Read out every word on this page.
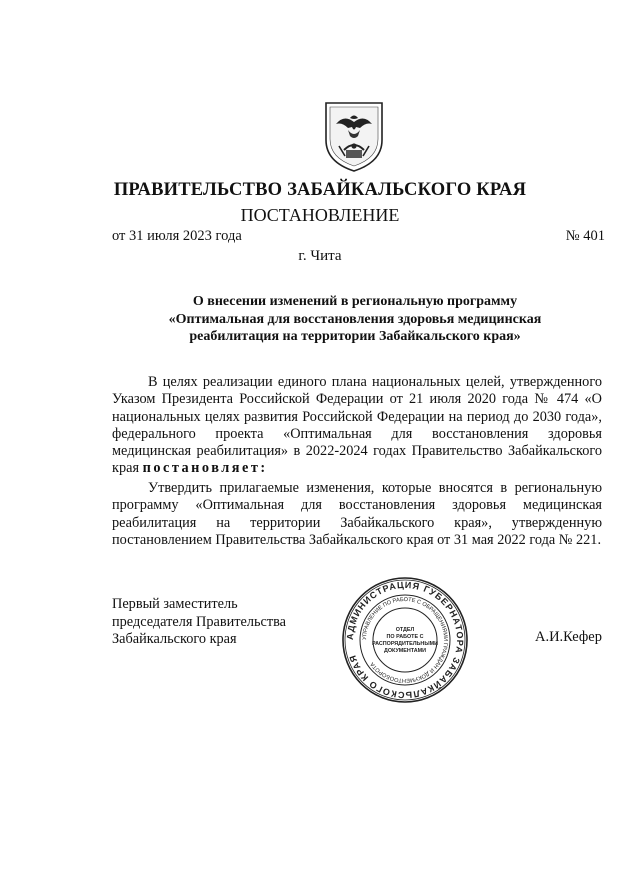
ПРАВИТЕЛЬСТВО ЗАБАЙКАЛЬСКОГО КРАЯ
ПОСТАНОВЛЕНИЕ
от 31 июля 2023 года	№ 401
г. Чита
О внесении изменений в региональную программу
«Оптимальная для восстановления здоровья медицинская
реабилитация на территории Забайкальского края»
В целях реализации единого плана национальных целей, утвержденного Указом Президента Российской Федерации от 21 июля 2020 года № 474 «О национальных целях развития Российской Федерации на период до 2030 года», федерального проекта «Оптимальная для восстановления здоровья медицинская реабилитация» в 2022-2024 годах Правительство Забайкальского края постановляет:
Утвердить прилагаемые изменения, которые вносятся в региональную программу «Оптимальная для восстановления здоровья медицинская реабилитация на территории Забайкальского края», утвержденную постановлением Правительства Забайкальского края от 31 мая 2022 года № 221.
Первый заместитель
председателя Правительства
Забайкальского края	АДМИНИСТРАЦИЯ ГУБЕРНАТОРА ЗАБАЙКАЛЬСКОГО КРАЯ
УПРАВЛЕНИЕ ПО РАБОТЕ С ОБРАЩЕНИЯМИ ГРАЖДАН И ДОКУМЕНТООБОРОТА
ОТДЕЛ
ПО РАБОТЕ С
РАСПОРЯДИТЕЛЬНЫМИ
ДОКУМЕНТАМИ
А.И.Кефер
